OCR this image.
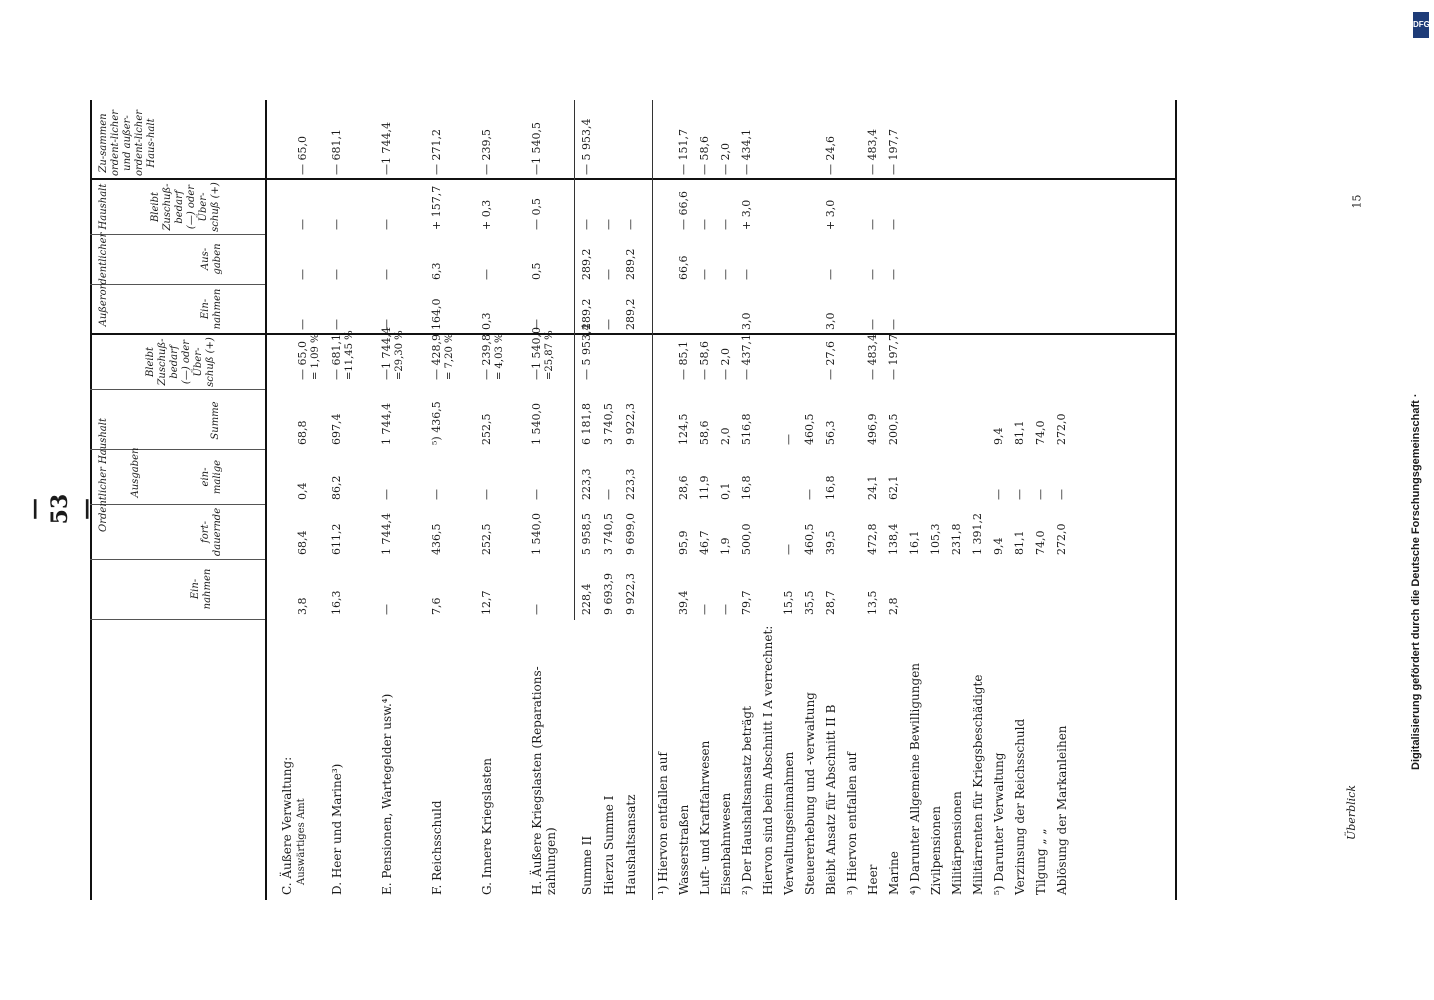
— 53 —
DFG
Digitalisierung gefördert durch die Deutsche Forschungsgemeinschaft ·
15
Überblick
Ordentlicher Haushalt Ausgaben
Ein-nahmen
fort-dauernde
ein-malige
Summe
Bleibt Zuschuß-bedarf (—) oder Über-schuß (+)
Außerordentlicher Haushalt	Ein-nahmen
Aus-gaben
Bleibt Zuschuß-bedarf (—) oder Über-schuß (+)
Zu-sammen ordent-licher und außer-ordent-licher Haus-halt
C. Äußere Verwaltung: Auswärtiges Amt
3,8
68,4
0,4
68,8
— 65,0
—
—
—
— 65,0
= 1,09 %
D. Heer und Marine³)
16,3
611,2
86,2
697,4
— 681,1
—
—
—
— 681,1
=11,45 %
E. Pensionen, Wartegelder usw.⁴)
—
1 744,4
—
1 744,4
—1 744,4
—
—
—
—1 744,4
=29,30 %
F. Reichsschuld
7,6
436,5
—
⁵) 436,5
— 428,9
164,0
6,3
+ 157,7
— 271,2
= 7,20 %
G. Innere Kriegslasten
12,7
252,5
—
252,5
— 239,8
0,3
—
+ 0,3
— 239,5
= 4,03 %
H. Äußere Kriegslasten (Reparations-zahlungen)
—
1 540,0
—
1 540,0
—1 540,0
—
0,5
— 0,5
—1 540,5
=25,87 %
Summe II
228,4
5 958,5
223,3
6 181,8
— 5 953,4
289,2
289,2
—
— 5 953,4
Hierzu Summe I
9 693,9
3 740,5
—
3 740,5
—
—
—
Haushaltsansatz
9 922,3
9 699,0
223,3
9 922,3
289,2
289,2
—
¹) Hiervon entfallen auf Wasserstraßen
39,4
95,9
28,6
124,5
— 85,1
66,6
— 66,6
— 151,7
Luft- und Kraftfahrwesen
—
46,7
11,9
58,6
— 58,6
—
—
— 58,6
Eisenbahnwesen
—
1,9
0,1
2,0
— 2,0
—
—
— 2,0
²) Der Haushaltsansatz beträgt
79,7
500,0
16,8
516,8
— 437,1
3,0
—
+ 3,0
— 434,1
Hiervon sind beim Abschnitt I A verrechnet: Verwaltungseinnahmen
15,5
—
—
Steuererhebung und -verwaltung
35,5
460,5
—
460,5
Bleibt Ansatz für Abschnitt II B
28,7
39,5
16,8
56,3
— 27,6
3,0
—
+ 3,0
— 24,6
³) Hiervon entfallen auf Heer
13,5
472,8
24,1
496,9
— 483,4
—
—
—
— 483,4
Marine
2,8
138,4
62,1
200,5
— 197,7
—
—
—
— 197,7
⁴) Darunter Allgemeine Bewilligungen
16,1
Zivilpensionen
105,3
Militärpensionen
231,8
Militärrenten für Kriegsbeschädigte
1 391,2
⁵) Darunter Verwaltung
9,4
—
9,4
Verzinsung der Reichsschuld
81,1
—
81,1
Tilgung „ „
74,0
—
74,0
Ablösung der Markanleihen
272,0
—
272,0
